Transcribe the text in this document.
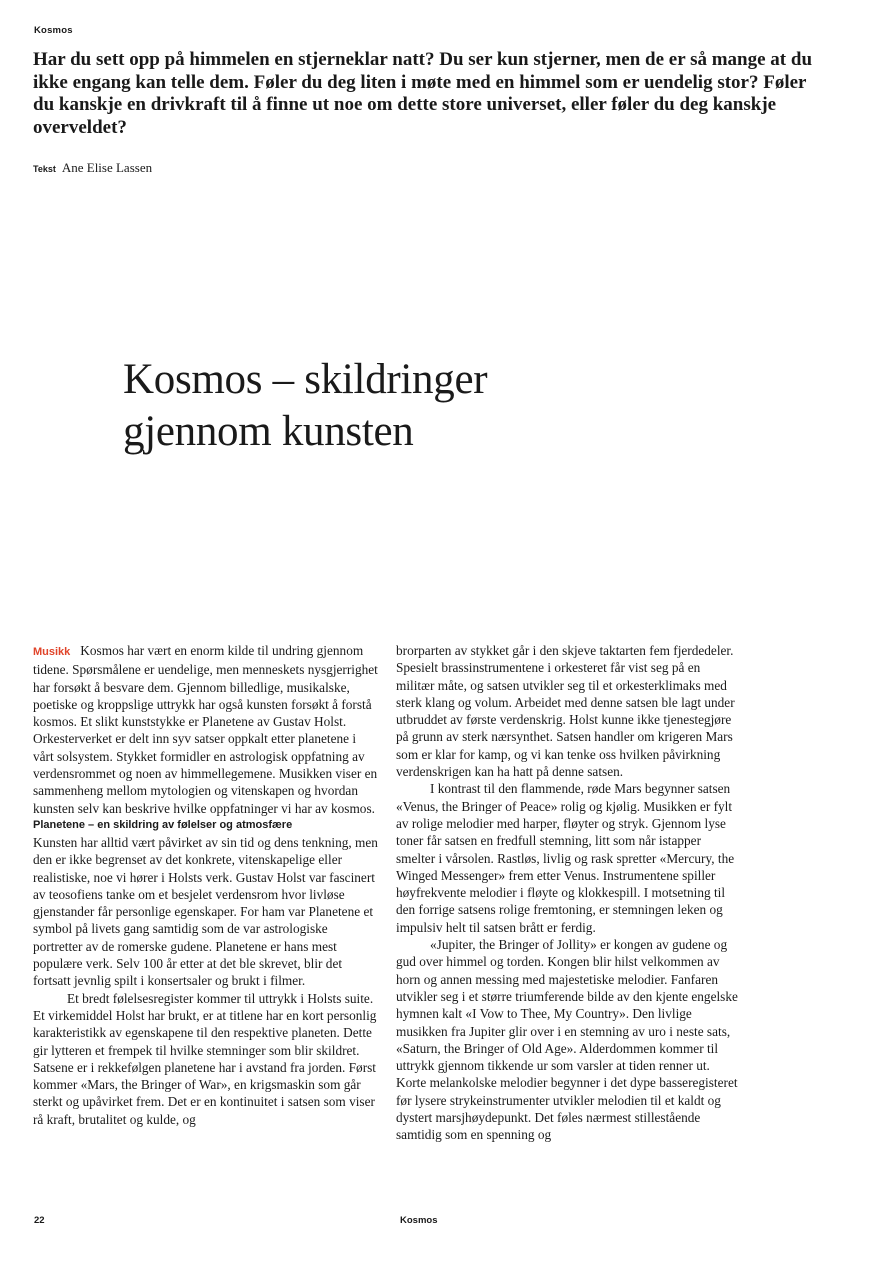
Kosmos

Har du sett opp på himmelen en stjerneklar natt? Du ser kun stjerner, men de er så mange at du ikke engang kan telle dem. Føler du deg liten i møte med en himmel som er uendelig stor? Føler du kanskje en drivkraft til å finne ut noe om dette store universet, eller føler du deg kanskje overveldet?

Tekst Ane Elise Lassen
Kosmos – skildringer gjennom kunsten

Musikk Kosmos har vært en enorm kilde til undring gjennom tidene. Spørsmålene er uendelige, men menneskets nysgjerrighet har forsøkt å besvare dem. Gjennom billedlige, musikalske, poetiske og kroppslige uttrykk har også kunsten forsøkt å forstå kosmos. Et slikt kunststykke er Planetene av Gustav Holst. Orkesterverket er delt inn syv satser oppkalt etter planetene i vårt solsystem. Stykket formidler en astrologisk oppfatning av verdensrommet og noen av himmellegemene. Musikken viser en sammenheng mellom mytologien og vitenskapen og hvordan kunsten selv kan beskrive hvilke oppfatninger vi har av kosmos.

Planetene – en skildring av følelser og atmosfære

Kunsten har alltid vært påvirket av sin tid og dens tenkning, men den er ikke begrenset av det konkrete, vitenskapelige eller realistiske, noe vi hører i Holsts verk. Gustav Holst var fascinert av teosofiens tanke om et besjelet verdensrom hvor livløse gjenstander får personlige egenskaper. For ham var Planetene et symbol på livets gang samtidig som de var astrologiske portretter av de romerske gudene. Planetene er hans mest populære verk. Selv 100 år etter at det ble skrevet, blir det fortsatt jevnlig spilt i konsertsaler og brukt i filmer.

Et bredt følelsesregister kommer til uttrykk i Holsts suite. Et virkemiddel Holst har brukt, er at titlene har en kort personlig karakteristikk av egenskapene til den respektive planeten. Dette gir lytteren et frempek til hvilke stemninger som blir skildret. Satsene er i rekkefølgen planetene har i avstand fra jorden. Først kommer «Mars, the Bringer of War», en krigsmaskin som går sterkt og upåvirket frem. Det er en kontinuitet i satsen som viser rå kraft, brutalitet og kulde, og

brorparten av stykket går i den skjeve taktarten fem fjerdedeler. Spesielt brassinstrumentene i orkesteret får vist seg på en militær måte, og satsen utvikler seg til et orkesterklimaks med sterk klang og volum. Arbeidet med denne satsen ble lagt under utbruddet av første verdenskrig. Holst kunne ikke tjenestegjøre på grunn av sterk nærsynthet. Satsen handler om krigeren Mars som er klar for kamp, og vi kan tenke oss hvilken påvirkning verdenskrigen kan ha hatt på denne satsen.

I kontrast til den flammende, røde Mars begynner satsen «Venus, the Bringer of Peace» rolig og kjølig. Musikken er fylt av rolige melodier med harper, fløyter og stryk. Gjennom lyse toner får satsen en fredfull stemning, litt som når istapper smelter i vårsolen. Rastløs, livlig og rask spretter «Mercury, the Winged Messenger» frem etter Venus. Instrumentene spiller høyfrekvente melodier i fløyte og klokkespill. I motsetning til den forrige satsens rolige fremtoning, er stemningen leken og impulsiv helt til satsen brått er ferdig.

«Jupiter, the Bringer of Jollity» er kongen av gudene og gud over himmel og torden. Kongen blir hilst velkommen av horn og annen messing med majestetiske melodier. Fanfaren utvikler seg i et større triumferende bilde av den kjente engelske hymnen kalt «I Vow to Thee, My Country». Den livlige musikken fra Jupiter glir over i en stemning av uro i neste sats, «Saturn, the Bringer of Old Age». Alderdommen kommer til uttrykk gjennom tikkende ur som varsler at tiden renner ut. Korte melankolske melodier begynner i det dype basseregisteret før lysere strykeinstrumenter utvikler melodien til et kaldt og dystert marsjhøydepunkt. Det føles nærmest stillestående samtidig som en spenning og

22	Kosmos
